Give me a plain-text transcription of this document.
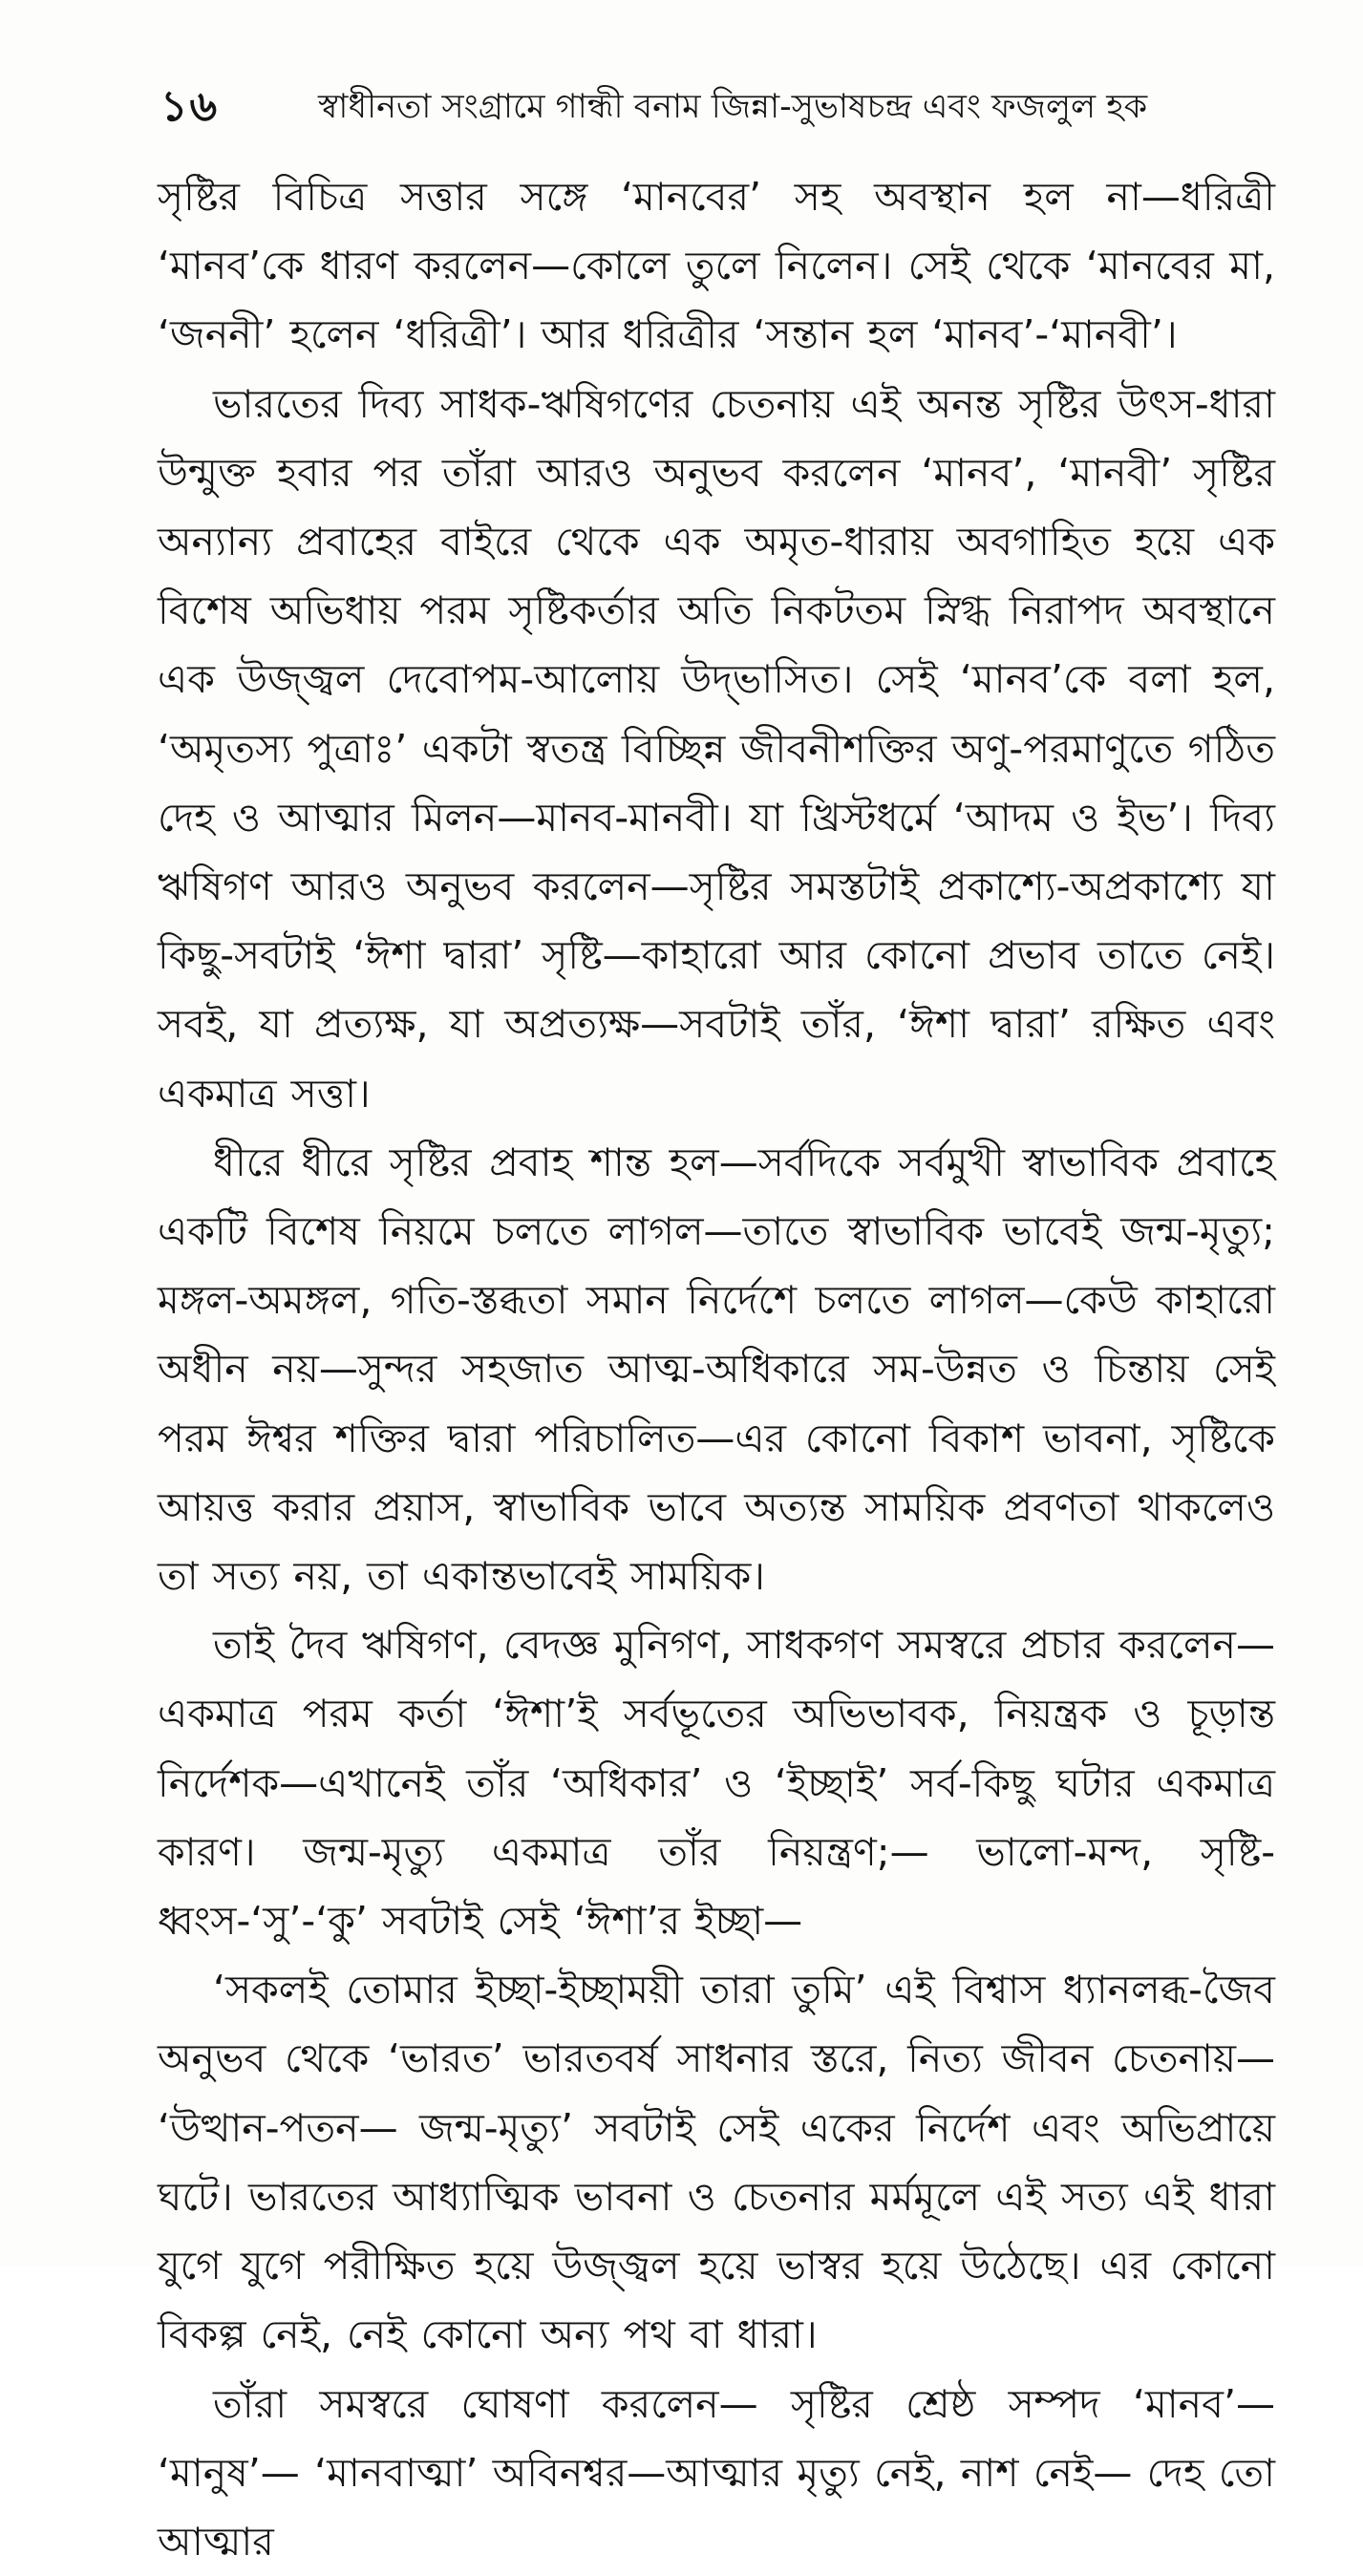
১৬	স্বাধীনতা সংগ্রামে গান্ধী বনাম জিন্না-সুভাষচন্দ্র এবং ফজলুল হক

সৃষ্টির বিচিত্র সত্তার সঙ্গে ‘মানবের’ সহ অবস্থান হল না—ধরিত্রী ‘মানব’কে ধারণ করলেন—কোলে তুলে নিলেন। সেই থেকে ‘মানবের মা, ‘জননী’ হলেন ‘ধরিত্রী’। আর ধরিত্রীর ‘সন্তান হল ‘মানব’-‘মানবী’।

ভারতের দিব্য সাধক-ঋষিগণের চেতনায় এই অনন্ত সৃষ্টির উৎস-ধারা উন্মুক্ত হবার পর তাঁরা আরও অনুভব করলেন ‘মানব’, ‘মানবী’ সৃষ্টির অন্যান্য প্রবাহের বাইরে থেকে এক অমৃত-ধারায় অবগাহিত হয়ে এক বিশেষ অভিধায় পরম সৃষ্টিকর্তার অতি নিকটতম স্নিগ্ধ নিরাপদ অবস্থানে এক উজ্জ্বল দেবোপম-আলোয় উদ্‌ভাসিত। সেই ‘মানব’কে বলা হল, ‘অমৃতস্য পুত্রাঃ’ একটা স্বতন্ত্র বিচ্ছিন্ন জীবনীশক্তির অণু-পরমাণুতে গঠিত দেহ ও আত্মার মিলন—মানব-মানবী। যা খ্রিস্টধর্মে ‘আদম ও ইভ’। দিব্য ঋষিগণ আরও অনুভব করলেন—সৃষ্টির সমস্তটাই প্রকাশ্যে-অপ্রকাশ্যে যা কিছু-সবটাই ‘ঈশা দ্বারা’ সৃষ্টি—কাহারো আর কোনো প্রভাব তাতে নেই। সবই, যা প্রত্যক্ষ, যা অপ্রত্যক্ষ—সবটাই তাঁর, ‘ঈশা দ্বারা’ রক্ষিত এবং একমাত্র সত্তা।

ধীরে ধীরে সৃষ্টির প্রবাহ শান্ত হল—সর্বদিকে সর্বমুখী স্বাভাবিক প্রবাহে একটি বিশেষ নিয়মে চলতে লাগল—তাতে স্বাভাবিক ভাবেই জন্ম-মৃত্যু; মঙ্গল-অমঙ্গল, গতি-স্তব্ধতা সমান নির্দেশে চলতে লাগল—কেউ কাহারো অধীন নয়—সুন্দর সহজাত আত্ম-অধিকারে সম-উন্নত ও চিন্তায় সেই পরম ঈশ্বর শক্তির দ্বারা পরিচালিত—এর কোনো বিকাশ ভাবনা, সৃষ্টিকে আয়ত্ত করার প্রয়াস, স্বাভাবিক ভাবে অত্যন্ত সাময়িক প্রবণতা থাকলেও তা সত্য নয়, তা একান্তভাবেই সাময়িক।

তাই দৈব ঋষিগণ, বেদজ্ঞ মুনিগণ, সাধকগণ সমস্বরে প্রচার করলেন—একমাত্র পরম কর্তা ‘ঈশা’ই সর্বভূতের অভিভাবক, নিয়ন্ত্রক ও চূড়ান্ত নির্দেশক—এখানেই তাঁর ‘অধিকার’ ও ‘ইচ্ছাই’ সর্ব-কিছু ঘটার একমাত্র কারণ। জন্ম-মৃত্যু একমাত্র তাঁর নিয়ন্ত্রণ;— ভালো-মন্দ, সৃষ্টি-ধ্বংস-‘সু’-‘কু’ সবটাই সেই ‘ঈশা’র ইচ্ছা—

‘সকলই তোমার ইচ্ছা-ইচ্ছাময়ী তারা তুমি’ এই বিশ্বাস ধ্যানলব্ধ-জৈব অনুভব থেকে ‘ভারত’ ভারতবর্ষ সাধনার স্তরে, নিত্য জীবন চেতনায়— ‘উত্থান-পতন— জন্ম-মৃত্যু’ সবটাই সেই একের নির্দেশ এবং অভিপ্রায়ে ঘটে। ভারতের আধ্যাত্মিক ভাবনা ও চেতনার মর্মমূলে এই সত্য এই ধারা যুগে যুগে পরীক্ষিত হয়ে উজ্জ্বল হয়ে ভাস্বর হয়ে উঠেছে। এর কোনো বিকল্প নেই, নেই কোনো অন্য পথ বা ধারা।

তাঁরা সমস্বরে ঘোষণা করলেন— সৃষ্টির শ্রেষ্ঠ সম্পদ ‘মানব’— ‘মানুষ’— ‘মানবাত্মা’ অবিনশ্বর—আত্মার মৃত্যু নেই, নাশ নেই— দেহ তো আত্মার
